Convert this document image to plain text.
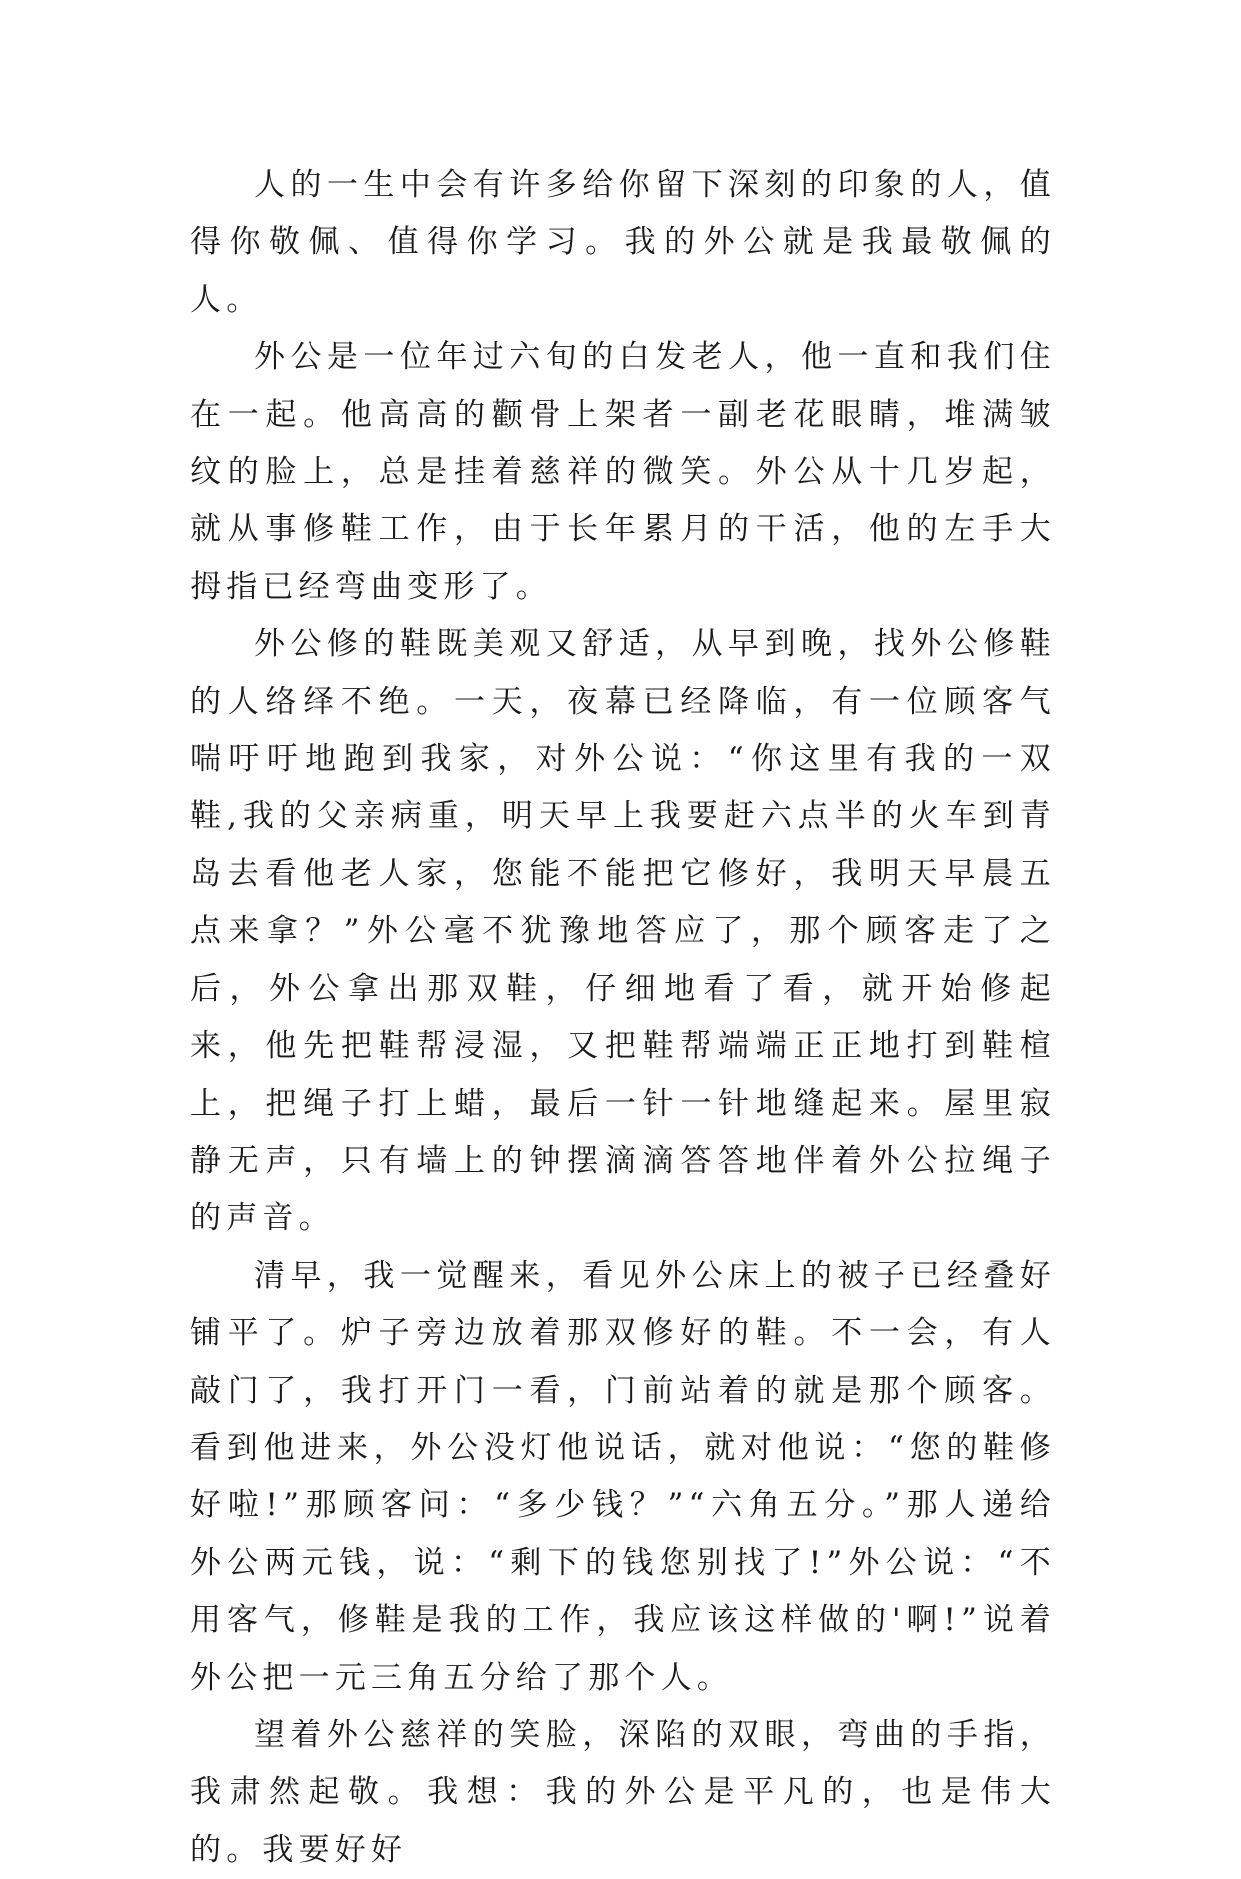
人的一生中会有许多给你留下深刻的印象的人，值得你敬佩、值得你学习。我的外公就是我最敬佩的人。

外公是一位年过六旬的白发老人，他一直和我们住在一起。他高高的颧骨上架者一副老花眼睛，堆满皱纹的脸上，总是挂着慈祥的微笑。外公从十几岁起，就从事修鞋工作，由于长年累月的干活，他的左手大拇指已经弯曲变形了。

外公修的鞋既美观又舒适，从早到晚，找外公修鞋的人络绎不绝。一天，夜幕已经降临，有一位顾客气喘吁吁地跑到我家，对外公说：“你这里有我的一双鞋,我的父亲病重，明天早上我要赶六点半的火车到青岛去看他老人家，您能不能把它修好，我明天早晨五点来拿？”外公毫不犹豫地答应了，那个顾客走了之后，外公拿出那双鞋，仔细地看了看，就开始修起来，他先把鞋帮浸湿，又把鞋帮端端正正地打到鞋楦上，把绳子打上蜡，最后一针一针地缝起来。屋里寂静无声，只有墙上的钟摆滴滴答答地伴着外公拉绳子的声音。

清早，我一觉醒来，看见外公床上的被子已经叠好铺平了。炉子旁边放着那双修好的鞋。不一会，有人敲门了，我打开门一看，门前站着的就是那个顾客。看到他进来，外公没灯他说话，就对他说：“您的鞋修好啦!”那顾客问：“多少钱？”“六角五分。”那人递给外公两元钱，说：“剩下的钱您别找了!”外公说：“不用客气，修鞋是我的工作，我应该这样做的'啊!”说着外公把一元三角五分给了那个人。

望着外公慈祥的笑脸，深陷的双眼，弯曲的手指，我肃然起敬。我想：我的外公是平凡的，也是伟大的。我要好好
